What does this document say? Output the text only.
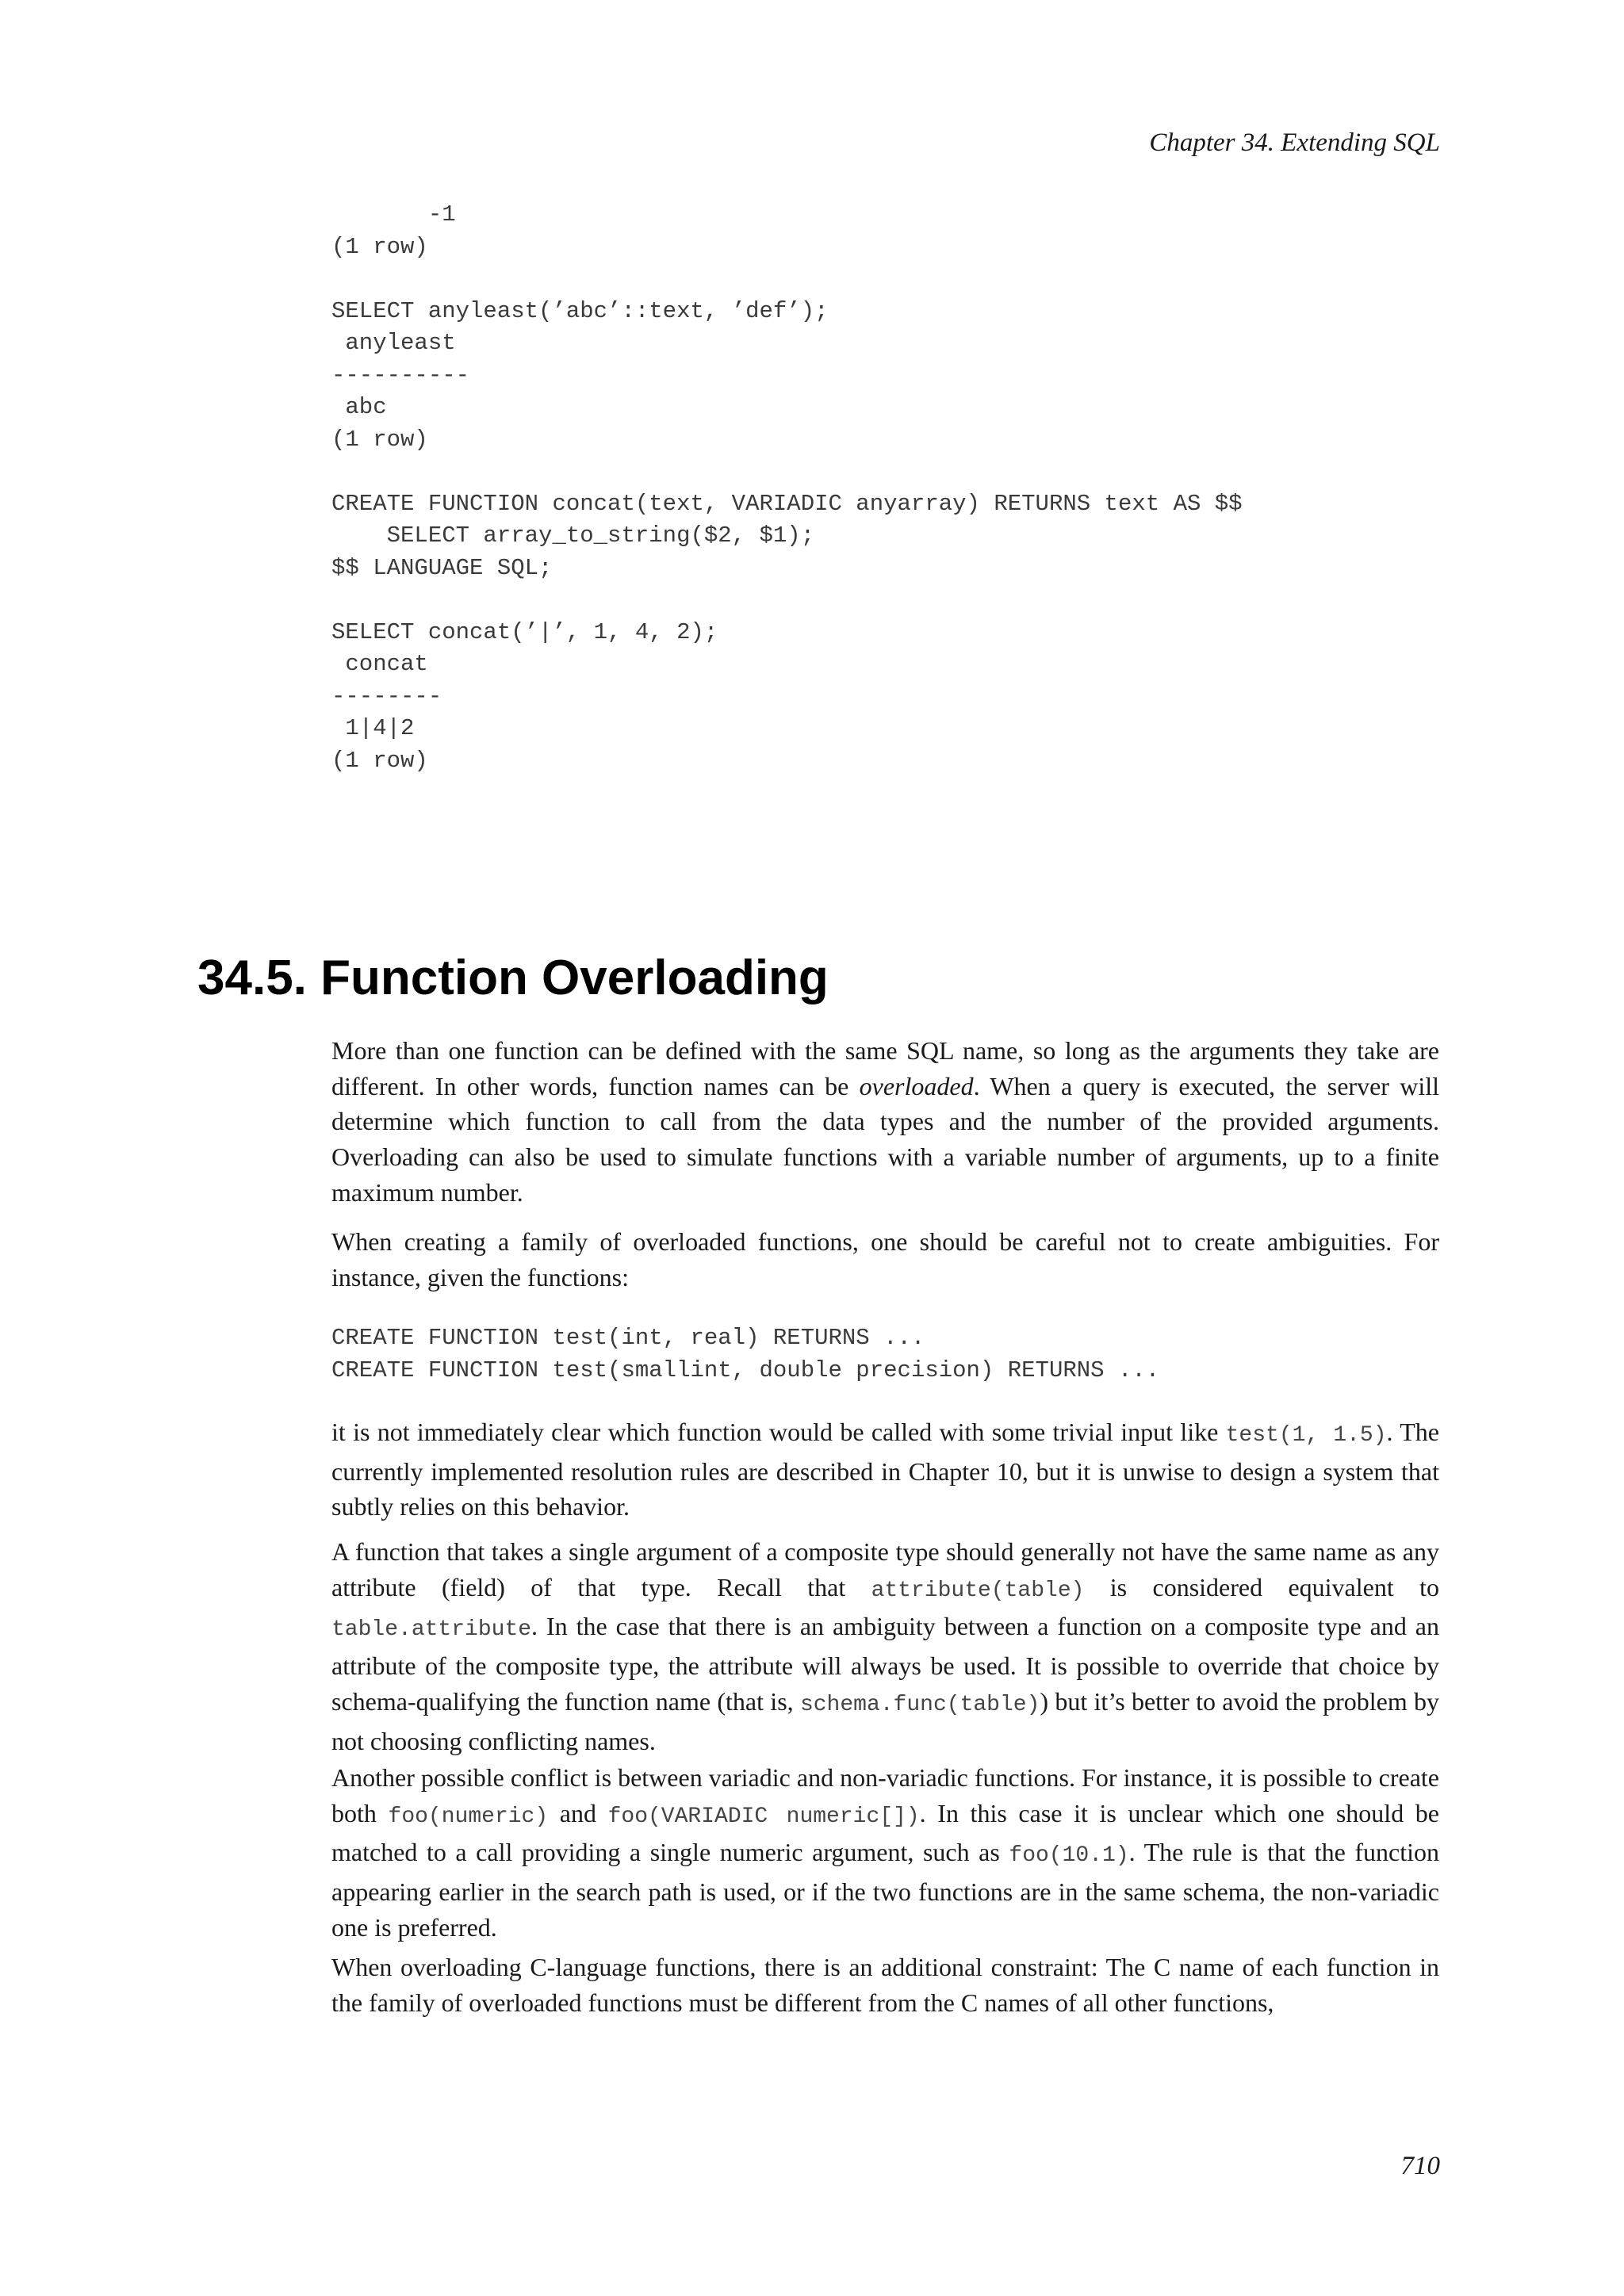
Chapter 34. Extending SQL
-1
(1 row)

SELECT anyleast(’abc’::text, ’def’);
anyleast
----------
abc
(1 row)

CREATE FUNCTION concat(text, VARIADIC anyarray) RETURNS text AS $$
SELECT array_to_string($2, $1);
$$ LANGUAGE SQL;

SELECT concat(’|’, 1, 4, 2);
concat
--------
1|4|2
(1 row)
34.5. Function Overloading

More than one function can be defined with the same SQL name, so long as the arguments they take are different. In other words, function names can be overloaded. When a query is executed, the server will determine which function to call from the data types and the number of the provided arguments. Overloading can also be used to simulate functions with a variable number of arguments, up to a finite maximum number.

When creating a family of overloaded functions, one should be careful not to create ambiguities. For instance, given the functions:

CREATE FUNCTION test(int, real) RETURNS ...
CREATE FUNCTION test(smallint, double precision) RETURNS ...

it is not immediately clear which function would be called with some trivial input like test(1, 1.5). The currently implemented resolution rules are described in Chapter 10, but it is unwise to design a system that subtly relies on this behavior.

A function that takes a single argument of a composite type should generally not have the same name as any attribute (field) of that type. Recall that attribute(table) is considered equivalent to table.attribute. In the case that there is an ambiguity between a function on a composite type and an attribute of the composite type, the attribute will always be used. It is possible to override that choice by schema-qualifying the function name (that is, schema.func(table)) but it’s better to avoid the problem by not choosing conflicting names.

Another possible conflict is between variadic and non-variadic functions. For instance, it is possible to create both foo(numeric) and foo(VARIADIC numeric[]). In this case it is unclear which one should be matched to a call providing a single numeric argument, such as foo(10.1). The rule is that the function appearing earlier in the search path is used, or if the two functions are in the same schema, the non-variadic one is preferred.

When overloading C-language functions, there is an additional constraint: The C name of each function in the family of overloaded functions must be different from the C names of all other functions,

710
